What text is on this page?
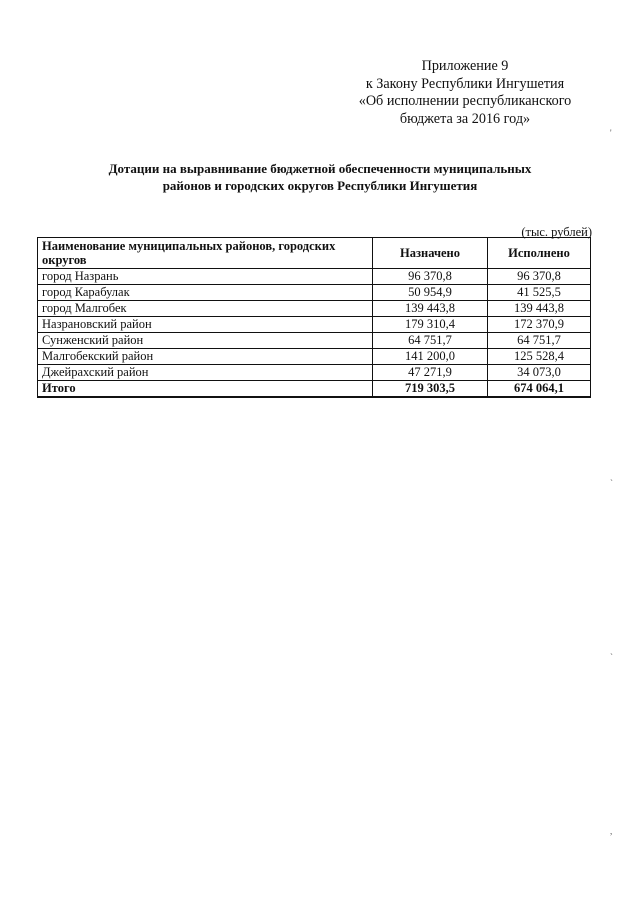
Приложение 9
к Закону Республики Ингушетия
«Об исполнении республиканского
бюджета за 2016 год»
Дотации на выравнивание бюджетной обеспеченности муниципальных
районов и городских округов Республики Ингушетия
(тыс. рублей)
Наименование муниципальных районов, городских округов	Назначено	Исполнено
город Назрань	96 370,8	96 370,8
город Карабулак	50 954,9	41 525,5
город Малгобек	139 443,8	139 443,8
Назрановский район	179 310,4	172 370,9
Сунженский район	64 751,7	64 751,7
Малгобекский район	141 200,0	125 528,4
Джейрахский район	47 271,9	34 073,0
Итого	719 303,5	674 064,1
'
`
`
,
